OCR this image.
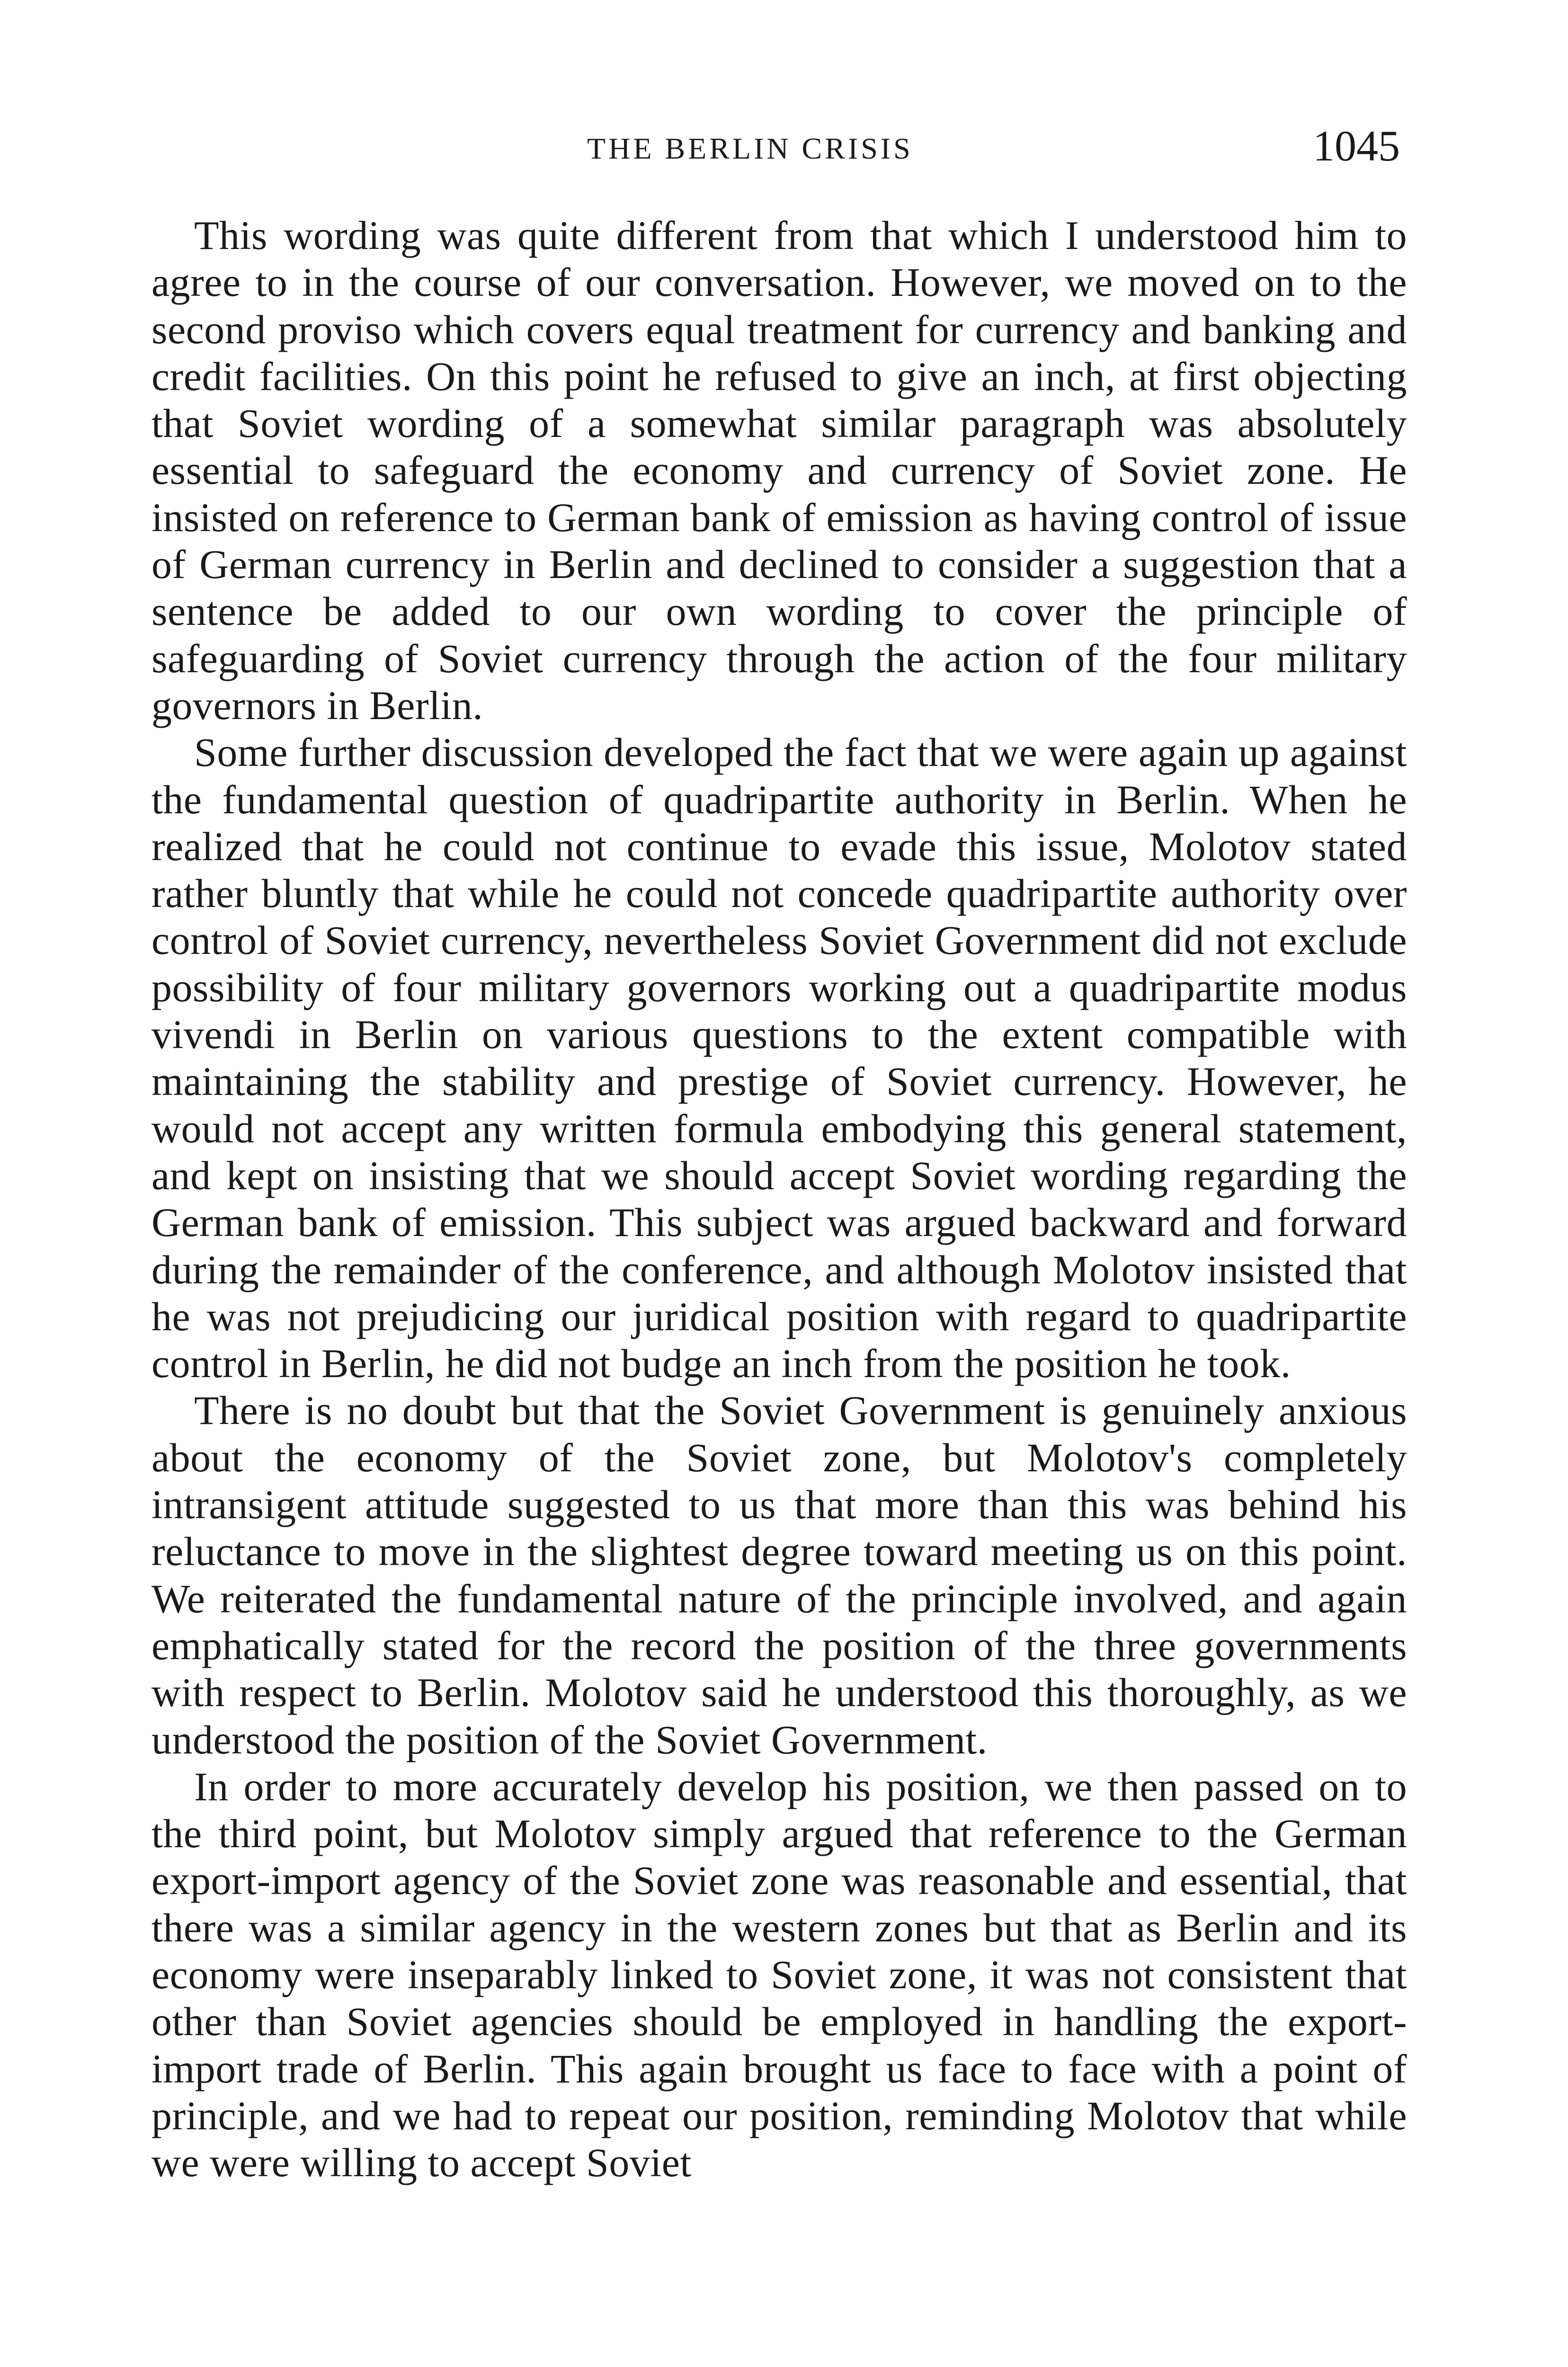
THE BERLIN CRISIS	1045

This wording was quite different from that which I understood him to agree to in the course of our conversation. However, we moved on to the second proviso which covers equal treatment for currency and banking and credit facilities. On this point he refused to give an inch, at first objecting that Soviet wording of a somewhat similar paragraph was absolutely essential to safeguard the economy and currency of Soviet zone. He insisted on reference to German bank of emission as having control of issue of German currency in Berlin and declined to consider a suggestion that a sentence be added to our own wording to cover the principle of safeguarding of Soviet currency through the action of the four military governors in Berlin.

Some further discussion developed the fact that we were again up against the fundamental question of quadripartite authority in Berlin. When he realized that he could not continue to evade this issue, Molotov stated rather bluntly that while he could not concede quadripartite authority over control of Soviet currency, nevertheless Soviet Government did not exclude possibility of four military governors working out a quadripartite modus vivendi in Berlin on various questions to the extent compatible with maintaining the stability and prestige of Soviet currency. However, he would not accept any written formula embodying this general statement, and kept on insisting that we should accept Soviet wording regarding the German bank of emission. This subject was argued backward and forward during the remainder of the conference, and although Molotov insisted that he was not prejudicing our juridical position with regard to quadripartite control in Berlin, he did not budge an inch from the position he took.

There is no doubt but that the Soviet Government is genuinely anxious about the economy of the Soviet zone, but Molotov's completely intransigent attitude suggested to us that more than this was behind his reluctance to move in the slightest degree toward meeting us on this point. We reiterated the fundamental nature of the principle involved, and again emphatically stated for the record the position of the three governments with respect to Berlin. Molotov said he understood this thoroughly, as we understood the position of the Soviet Government.

In order to more accurately develop his position, we then passed on to the third point, but Molotov simply argued that reference to the German export-import agency of the Soviet zone was reasonable and essential, that there was a similar agency in the western zones but that as Berlin and its economy were inseparably linked to Soviet zone, it was not consistent that other than Soviet agencies should be employed in handling the export-import trade of Berlin. This again brought us face to face with a point of principle, and we had to repeat our position, reminding Molotov that while we were willing to accept Soviet
